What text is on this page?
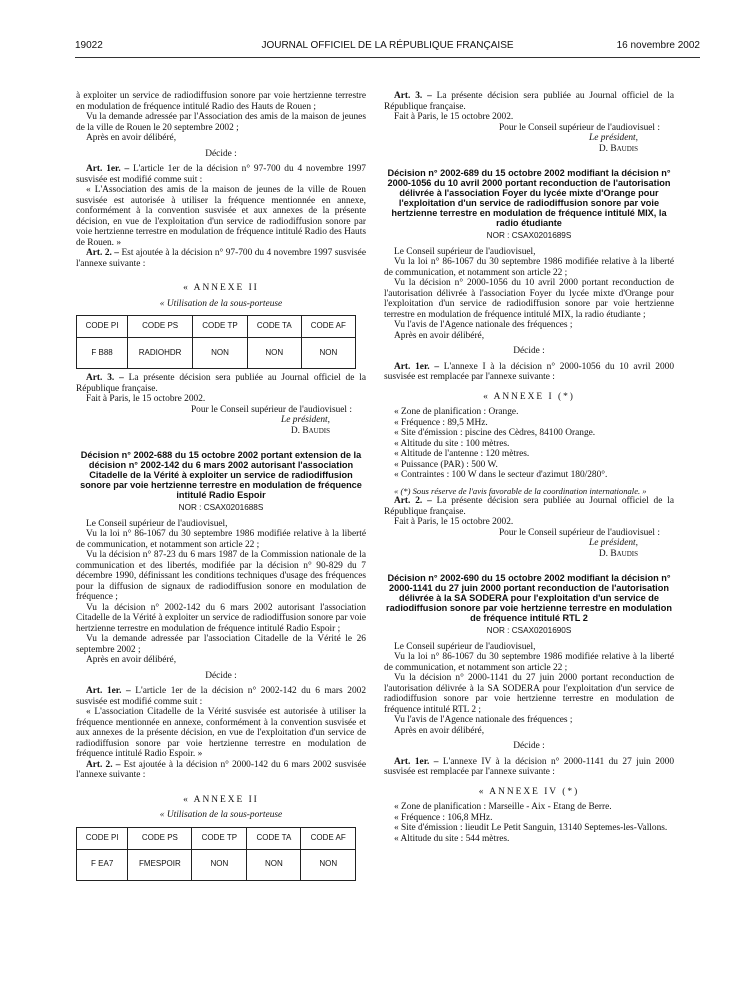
19022	JOURNAL OFFICIEL DE LA RÉPUBLIQUE FRANÇAISE	16 novembre 2002

à exploiter un service de radiodiffusion sonore par voie hertzienne terrestre en modulation de fréquence intitulé Radio des Hauts de Rouen ;

Vu la demande adressée par l'Association des amis de la maison de jeunes de la ville de Rouen le 20 septembre 2002 ;

Après en avoir délibéré,

Décide :

Art. 1er. – L'article 1er de la décision n° 97-700 du 4 novembre 1997 susvisée est modifié comme suit :

« L'Association des amis de la maison de jeunes de la ville de Rouen susvisée est autorisée à utiliser la fréquence mentionnée en annexe, conformément à la convention susvisée et aux annexes de la présente décision, en vue de l'exploitation d'un service de radiodiffusion sonore par voie hertzienne terrestre en modulation de fréquence intitulé Radio des Hauts de Rouen. »

Art. 2. – Est ajoutée à la décision n° 97-700 du 4 novembre 1997 susvisée l'annexe suivante :

« ANNEXE II

« Utilisation de la sous-porteuse

CODE PI	CODE PS	CODE TP	CODE TA	CODE AF
F B88	RADIOHDR	NON	NON	NON

Art. 3. – La présente décision sera publiée au Journal officiel de la République française.

Fait à Paris, le 15 octobre 2002.

Pour le Conseil supérieur de l'audiovisuel :

Le président,

D. Baudis

Décision n° 2002-688 du 15 octobre 2002 portant extension de la décision n° 2002-142 du 6 mars 2002 autorisant l'association Citadelle de la Vérité à exploiter un service de radiodiffusion sonore par voie hertzienne terrestre en modulation de fréquence intitulé Radio Espoir

NOR : CSAX0201688S

Le Conseil supérieur de l'audiovisuel,

Vu la loi n° 86-1067 du 30 septembre 1986 modifiée relative à la liberté de communication, et notamment son article 22 ;

Vu la décision n° 87-23 du 6 mars 1987 de la Commission nationale de la communication et des libertés, modifiée par la décision n° 90-829 du 7 décembre 1990, définissant les conditions techniques d'usage des fréquences pour la diffusion de signaux de radiodiffusion sonore en modulation de fréquence ;

Vu la décision n° 2002-142 du 6 mars 2002 autorisant l'association Citadelle de la Vérité à exploiter un service de radiodiffusion sonore par voie hertzienne terrestre en modulation de fréquence intitulé Radio Espoir ;

Vu la demande adressée par l'association Citadelle de la Vérité le 26 septembre 2002 ;

Après en avoir délibéré,

Décide :

Art. 1er. – L'article 1er de la décision n° 2002-142 du 6 mars 2002 susvisée est modifié comme suit :

« L'association Citadelle de la Vérité susvisée est autorisée à utiliser la fréquence mentionnée en annexe, conformément à la convention susvisée et aux annexes de la présente décision, en vue de l'exploitation d'un service de radiodiffusion sonore par voie hertzienne terrestre en modulation de fréquence intitulé Radio Espoir. »

Art. 2. – Est ajoutée à la décision n° 2000-142 du 6 mars 2002 susvisée l'annexe suivante :

« ANNEXE II

« Utilisation de la sous-porteuse

CODE PI	CODE PS	CODE TP	CODE TA	CODE AF
F EA7	FMESPOIR	NON	NON	NON

Art. 3. – La présente décision sera publiée au Journal officiel de la République française.

Fait à Paris, le 15 octobre 2002.

Pour le Conseil supérieur de l'audiovisuel :

Le président,

D. Baudis

Décision n° 2002-689 du 15 octobre 2002 modifiant la décision n° 2000-1056 du 10 avril 2000 portant reconduction de l'autorisation délivrée à l'association Foyer du lycée mixte d'Orange pour l'exploitation d'un service de radiodiffusion sonore par voie hertzienne terrestre en modulation de fréquence intitulé MIX, la radio étudiante

NOR : CSAX0201689S

Le Conseil supérieur de l'audiovisuel,

Vu la loi n° 86-1067 du 30 septembre 1986 modifiée relative à la liberté de communication, et notamment son article 22 ;

Vu la décision n° 2000-1056 du 10 avril 2000 portant reconduction de l'autorisation délivrée à l'association Foyer du lycée mixte d'Orange pour l'exploitation d'un service de radiodiffusion sonore par voie hertzienne terrestre en modulation de fréquence intitulé MIX, la radio étudiante ;

Vu l'avis de l'Agence nationale des fréquences ;

Après en avoir délibéré,

Décide :

Art. 1er. – L'annexe I à la décision n° 2000-1056 du 10 avril 2000 susvisée est remplacée par l'annexe suivante :

« ANNEXE I (*)

« Zone de planification : Orange.

« Fréquence : 89,5 MHz.

« Site d'émission : piscine des Cèdres, 84100 Orange.

« Altitude du site : 100 mètres.

« Altitude de l'antenne : 120 mètres.

« Puissance (PAR) : 500 W.

« Contraintes : 100 W dans le secteur d'azimut 180/280°.

« (*) Sous réserve de l'avis favorable de la coordination internationale. »

Art. 2. – La présente décision sera publiée au Journal officiel de la République française.

Fait à Paris, le 15 octobre 2002.

Pour le Conseil supérieur de l'audiovisuel :

Le président,

D. Baudis

Décision n° 2002-690 du 15 octobre 2002 modifiant la décision n° 2000-1141 du 27 juin 2000 portant reconduction de l'autorisation délivrée à la SA SODERA pour l'exploitation d'un service de radiodiffusion sonore par voie hertzienne terrestre en modulation de fréquence intitulé RTL 2

NOR : CSAX0201690S

Le Conseil supérieur de l'audiovisuel,

Vu la loi n° 86-1067 du 30 septembre 1986 modifiée relative à la liberté de communication, et notamment son article 22 ;

Vu la décision n° 2000-1141 du 27 juin 2000 portant reconduction de l'autorisation délivrée à la SA SODERA pour l'exploitation d'un service de radiodiffusion sonore par voie hertzienne terrestre en modulation de fréquence intitulé RTL 2 ;

Vu l'avis de l'Agence nationale des fréquences ;

Après en avoir délibéré,

Décide :

Art. 1er. – L'annexe IV à la décision n° 2000-1141 du 27 juin 2000 susvisée est remplacée par l'annexe suivante :

« ANNEXE IV (*)

« Zone de planification : Marseille - Aix - Etang de Berre.

« Fréquence : 106,8 MHz.

« Site d'émission : lieudit Le Petit Sanguin, 13140 Septemes-les-Vallons.

« Altitude du site : 544 mètres.
